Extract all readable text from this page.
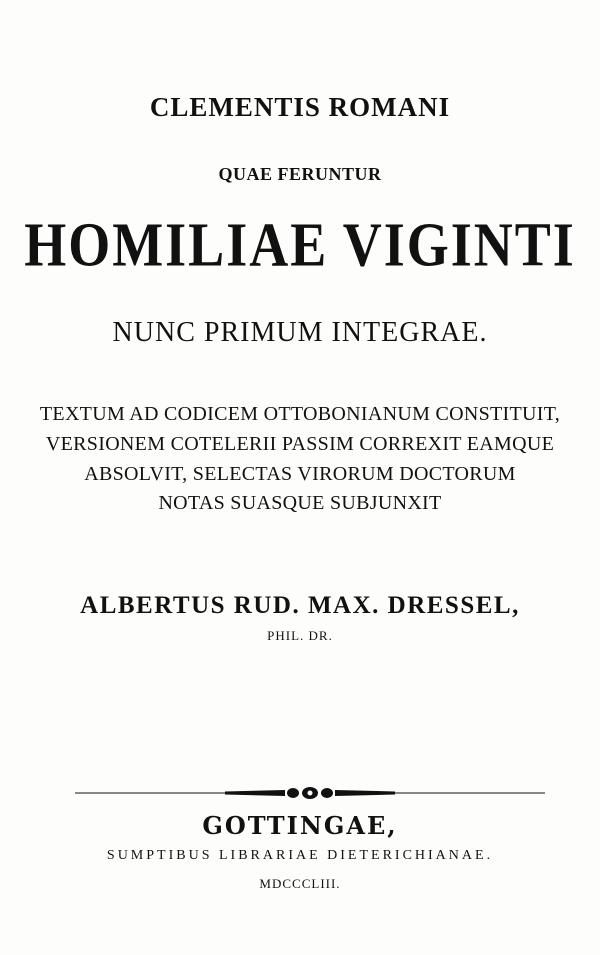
CLEMENTIS ROMANI
QUAE FERUNTUR
HOMILIAE VIGINTI
NUNC PRIMUM INTEGRAE.
TEXTUM AD CODICEM OTTOBONIANUM CONSTITUIT,
VERSIONEM COTELERII PASSIM CORREXIT EAMQUE
ABSOLVIT, SELECTAS VIRORUM DOCTORUM
NOTAS SUASQUE SUBJUNXIT
ALBERTUS RUD. MAX. DRESSEL,
PHIL. DR.
GOTTINGAE,
SUMPTIBUS LIBRARIAE DIETERICHIANAE.
MDCCCLIII.
